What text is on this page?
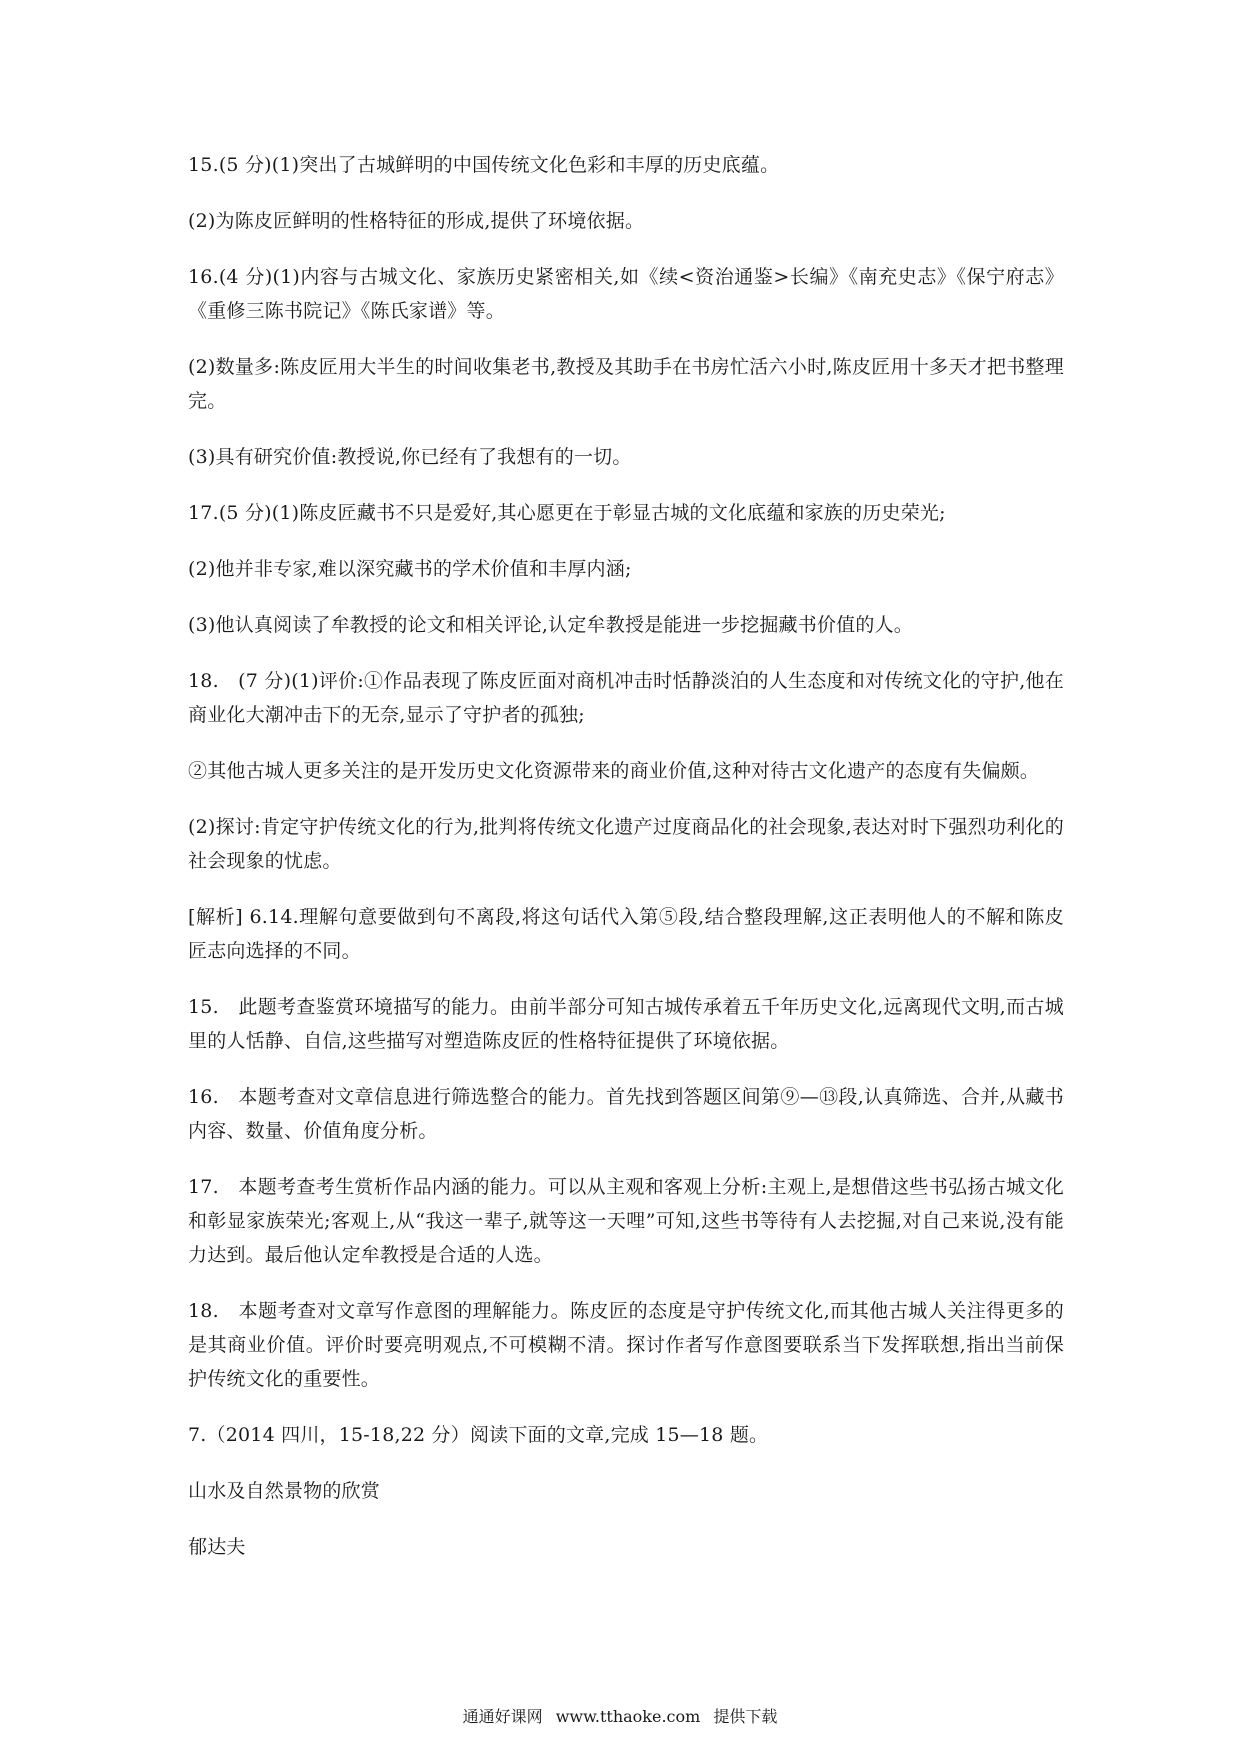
15.(5 分)(1)突出了古城鲜明的中国传统文化色彩和丰厚的历史底蕴。

(2)为陈皮匠鲜明的性格特征的形成,提供了环境依据。

16.(4 分)(1)内容与古城文化、家族历史紧密相关,如《续<资治通鉴>长编》《南充史志》《保宁府志》《重修三陈书院记》《陈氏家谱》等。

(2)数量多:陈皮匠用大半生的时间收集老书,教授及其助手在书房忙活六小时,陈皮匠用十多天才把书整理完。

(3)具有研究价值:教授说,你已经有了我想有的一切。

17.(5 分)(1)陈皮匠藏书不只是爱好,其心愿更在于彰显古城的文化底蕴和家族的历史荣光;

(2)他并非专家,难以深究藏书的学术价值和丰厚内涵;

(3)他认真阅读了牟教授的论文和相关评论,认定牟教授是能进一步挖掘藏书价值的人。

18.　(7 分)(1)评价:①作品表现了陈皮匠面对商机冲击时恬静淡泊的人生态度和对传统文化的守护,他在商业化大潮冲击下的无奈,显示了守护者的孤独;

②其他古城人更多关注的是开发历史文化资源带来的商业价值,这种对待古文化遗产的态度有失偏颇。

(2)探讨:肯定守护传统文化的行为,批判将传统文化遗产过度商品化的社会现象,表达对时下强烈功利化的社会现象的忧虑。

[解析] 6.14.理解句意要做到句不离段,将这句话代入第⑤段,结合整段理解,这正表明他人的不解和陈皮匠志向选择的不同。

15.　此题考查鉴赏环境描写的能力。由前半部分可知古城传承着五千年历史文化,远离现代文明,而古城里的人恬静、自信,这些描写对塑造陈皮匠的性格特征提供了环境依据。

16.　本题考查对文章信息进行筛选整合的能力。首先找到答题区间第⑨—⑬段,认真筛选、合并,从藏书内容、数量、价值角度分析。

17.　本题考查考生赏析作品内涵的能力。可以从主观和客观上分析:主观上,是想借这些书弘扬古城文化和彰显家族荣光;客观上,从“我这一辈子,就等这一天哩”可知,这些书等待有人去挖掘,对自己来说,没有能力达到。最后他认定牟教授是合适的人选。

18.　本题考查对文章写作意图的理解能力。陈皮匠的态度是守护传统文化,而其他古城人关注得更多的是其商业价值。评价时要亮明观点,不可模糊不清。探讨作者写作意图要联系当下发挥联想,指出当前保护传统文化的重要性。

7.（2014 四川，15-18,22 分）阅读下面的文章,完成 15—18 题。

山水及自然景物的欣赏

郁达夫

通通好课网 www.tthaoke.com 提供下载
